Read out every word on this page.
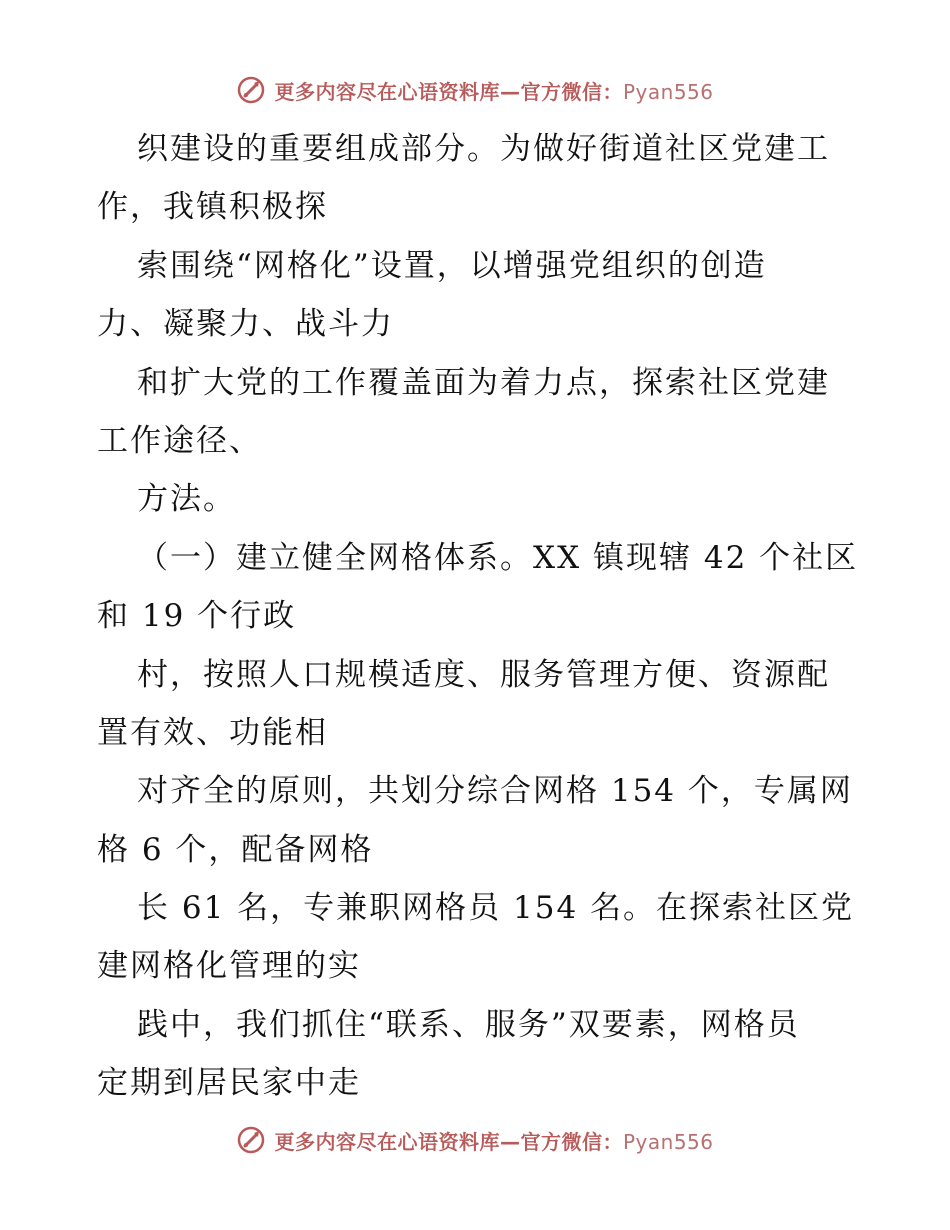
更多内容尽在心语资料库—官方微信：Pyan556
织建设的重要组成部分。为做好街道社区党建工
作，我镇积极探
索围绕“网格化”设置，以增强党组织的创造
力、凝聚力、战斗力
和扩大党的工作覆盖面为着力点，探索社区党建
工作途径、
方法。
（一）建立健全网格体系。XX 镇现辖 42 个社区
和 19 个行政
村，按照人口规模适度、服务管理方便、资源配
置有效、功能相
对齐全的原则，共划分综合网格 154 个，专属网
格 6 个，配备网格
长 61 名，专兼职网格员 154 名。在探索社区党
建网格化管理的实
践中，我们抓住“联系、服务”双要素，网格员
定期到居民家中走
更多内容尽在心语资料库—官方微信：Pyan556
